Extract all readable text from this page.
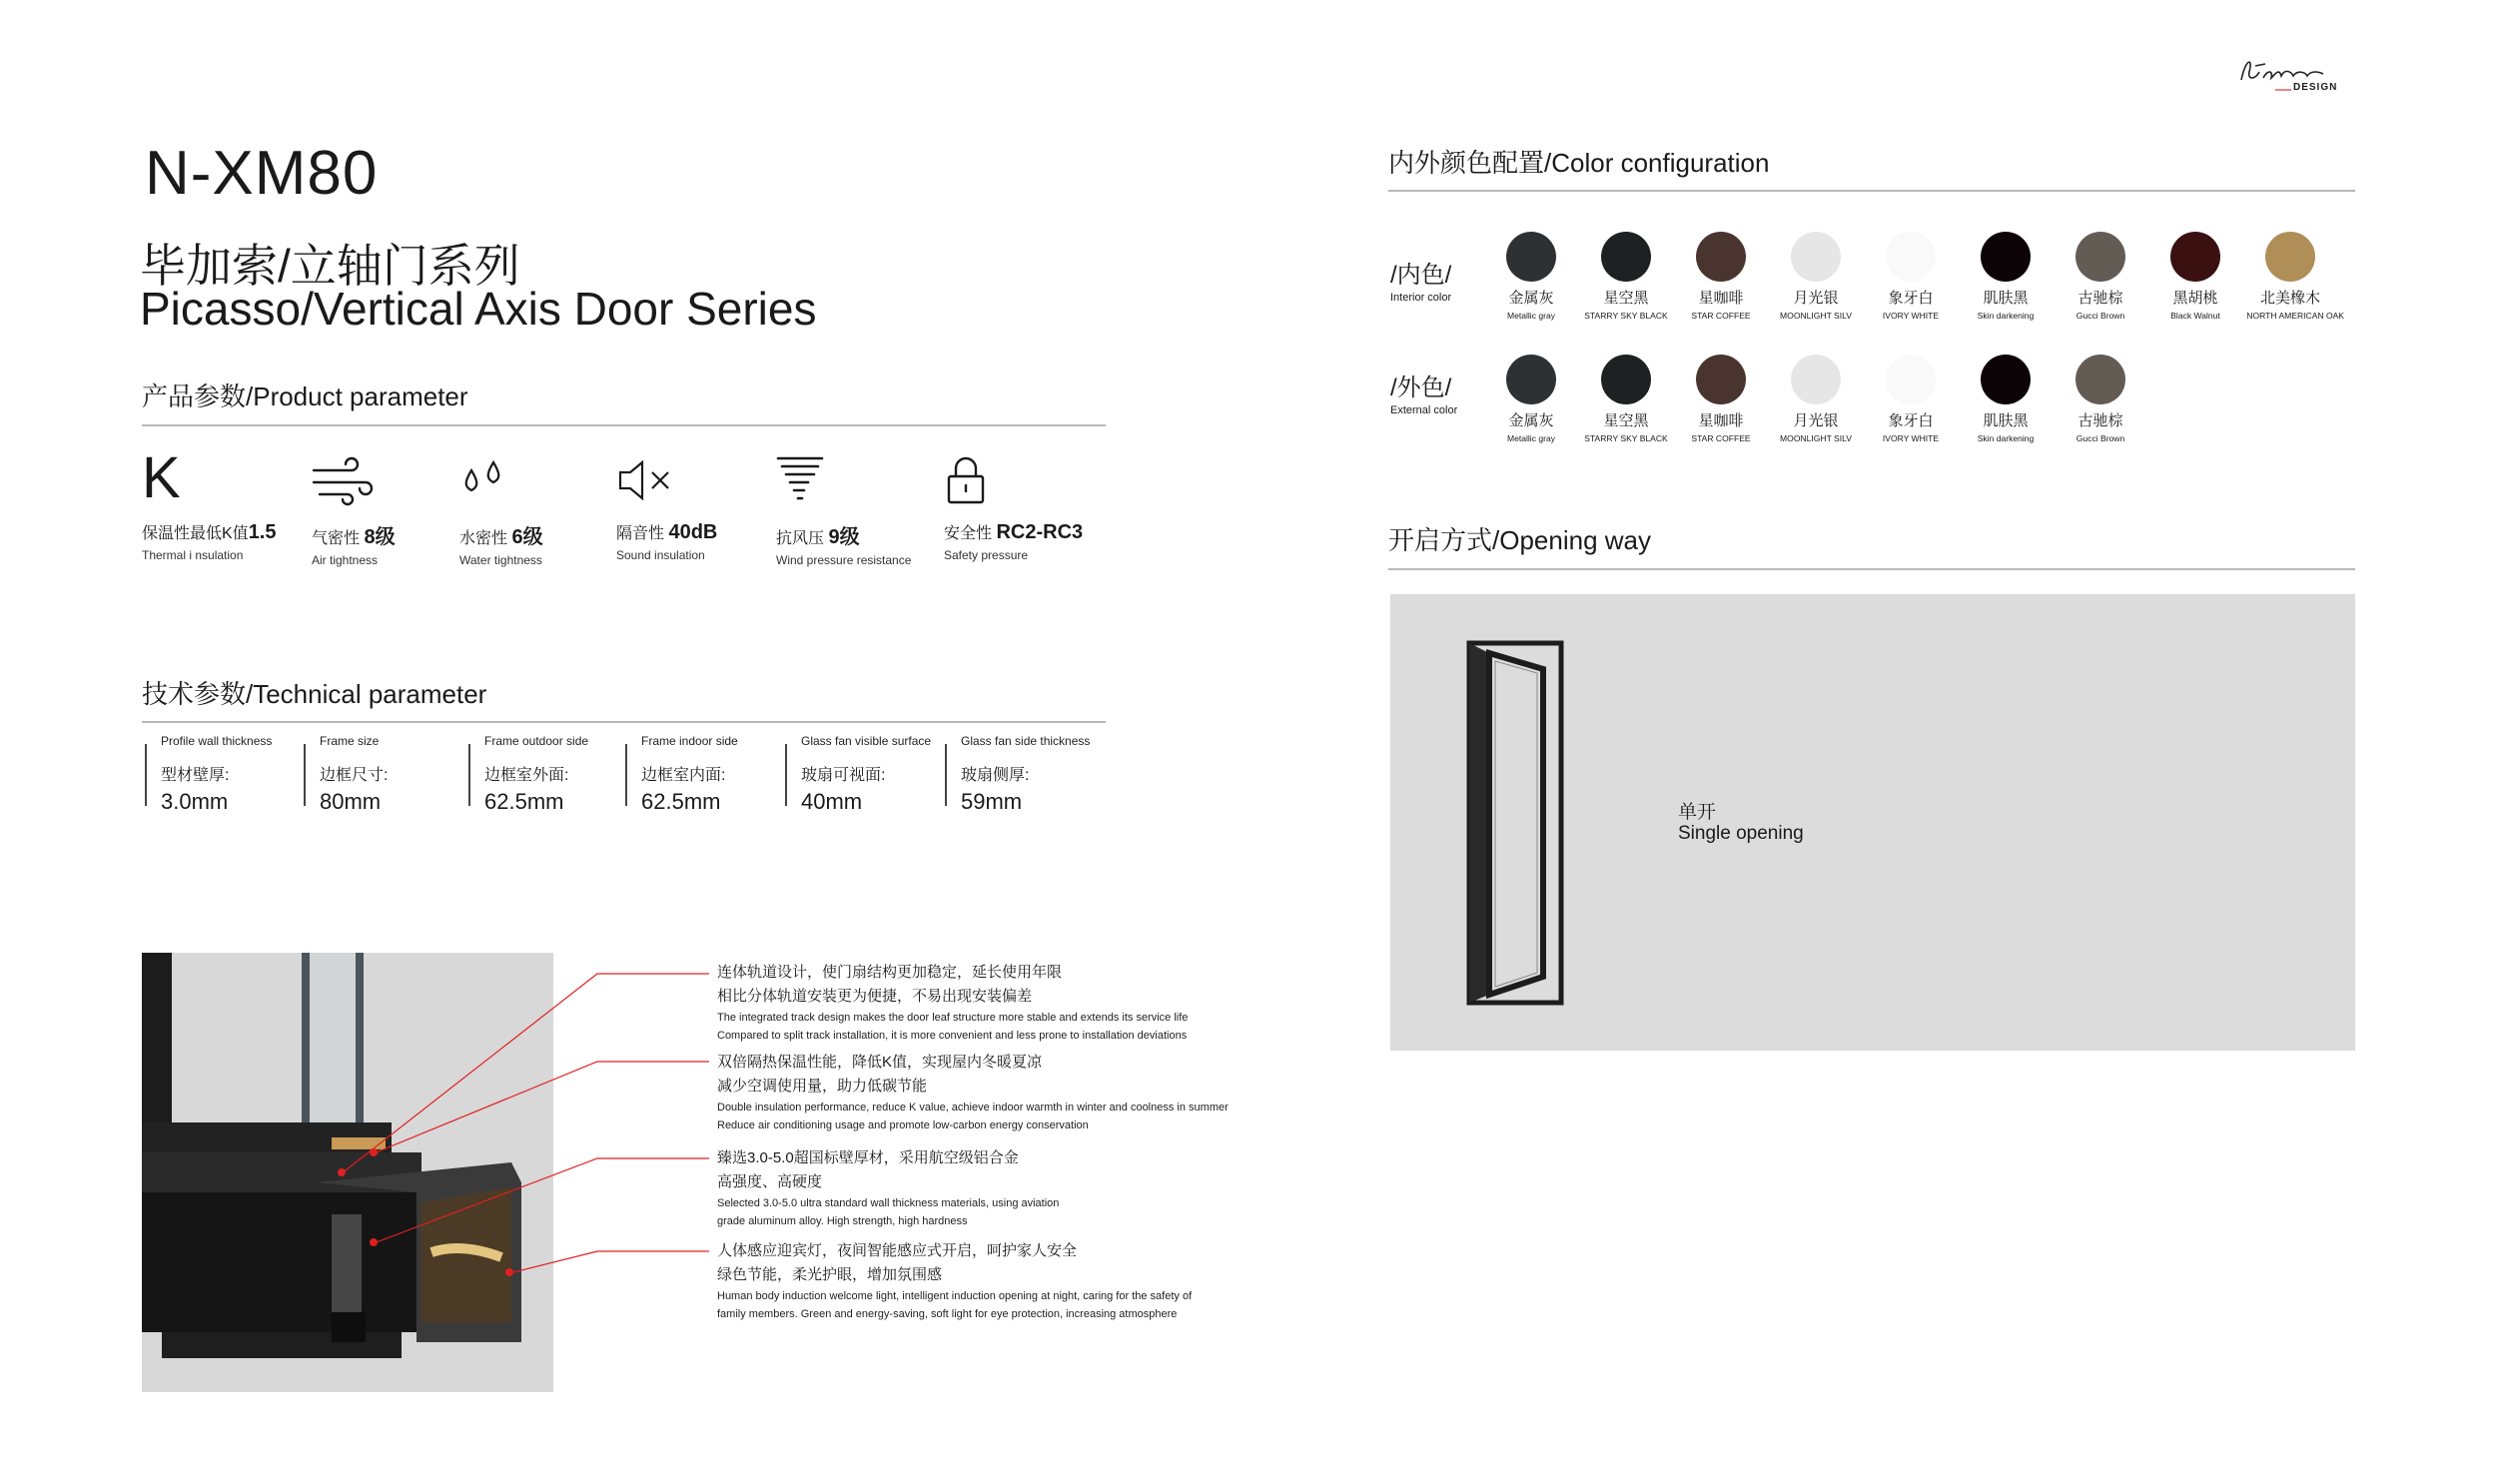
DESIGN
N-XM80
毕加索/立轴门系列
Picasso/Vertical Axis Door Series
产品参数/Product parameter
K
保温性最低K值1.5
Thermal i nsulation
气密性 8级
Air tightness
水密性 6级
Water tightness
隔音性 40dB
Sound insulation
抗风压 9级
Wind pressure resistance
安全性 RC2-RC3
Safety pressure
技术参数/Technical parameter
Profile wall thickness
型材壁厚:
3.0mm
Frame size
边框尺寸:
80mm
Frame outdoor side
边框室外面:
62.5mm
Frame indoor side
边框室内面:
62.5mm
Glass fan visible surface
玻扇可视面:
40mm
Glass fan side thickness
玻扇侧厚:
59mm
连体轨道设计，使门扇结构更加稳定，延长使用年限
相比分体轨道安装更为便捷，不易出现安装偏差
The integrated track design makes the door leaf structure more stable and extends its service life
Compared to split track installation, it is more convenient and less prone to installation deviations
双倍隔热保温性能，降低K值，实现屋内冬暖夏凉
减少空调使用量，助力低碳节能
Double insulation performance, reduce K value, achieve indoor warmth in winter and coolness in summer
Reduce air conditioning usage and promote low-carbon energy conservation
臻选3.0-5.0超国标壁厚材，采用航空级铝合金
高强度、高硬度
Selected 3.0-5.0 ultra standard wall thickness materials, using aviation
grade aluminum alloy. High strength, high hardness
人体感应迎宾灯，夜间智能感应式开启，呵护家人安全
绿色节能，柔光护眼，增加氛围感
Human body induction welcome light, intelligent induction opening at night, caring for the safety of
family members. Green and energy-saving, soft light for eye protection, increasing atmosphere
内外颜色配置/Color configuration
/内色/
Interior color
/外色/
External color
金属灰
Metallic gray
星空黑
STARRY SKY BLACK
星咖啡
STAR COFFEE
月光银
MOONLIGHT SILV
象牙白
IVORY WHITE
肌肤黑
Skin darkening
古驰棕
Gucci Brown
黑胡桃
Black Walnut
北美橡木
NORTH AMERICAN OAK
金属灰
Metallic gray
星空黑
STARRY SKY BLACK
星咖啡
STAR COFFEE
月光银
MOONLIGHT SILV
象牙白
IVORY WHITE
肌肤黑
Skin darkening
古驰棕
Gucci Brown
开启方式/Opening way
单开
Single opening
